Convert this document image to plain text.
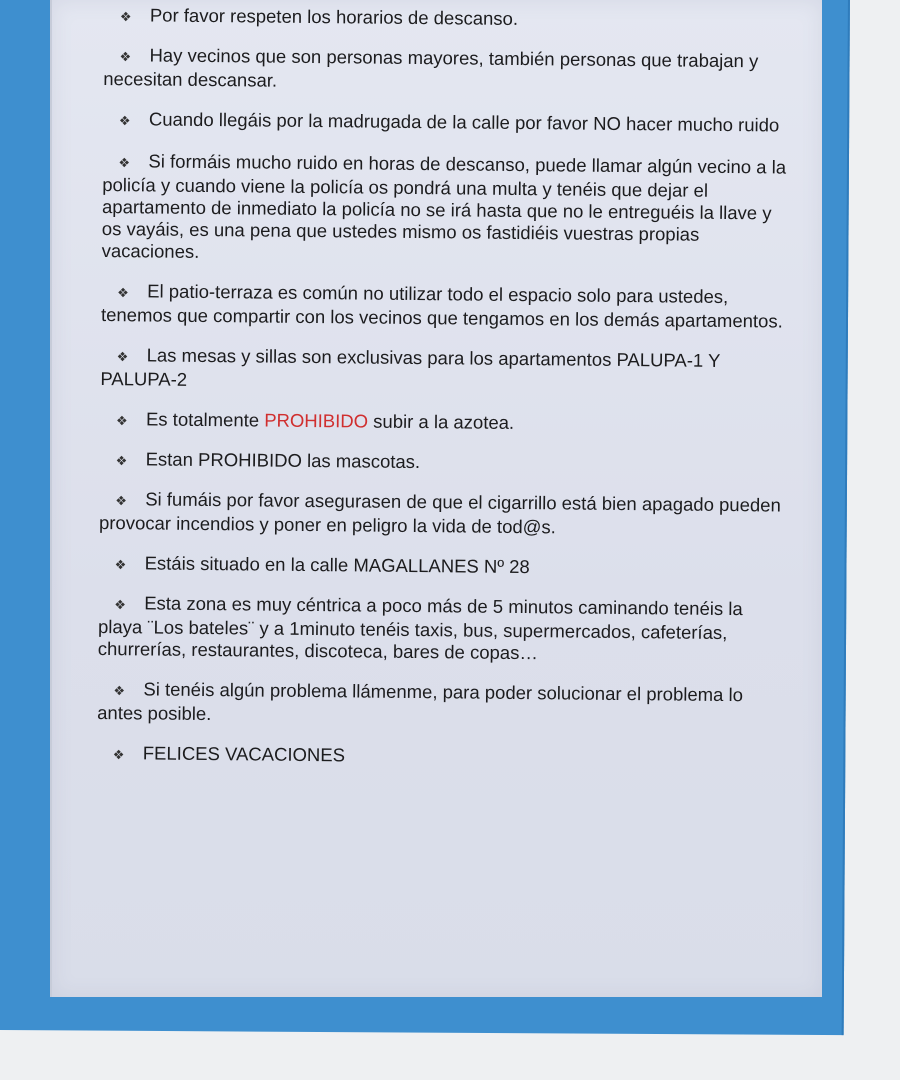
❖ Por favor respeten los horarios de descanso.
❖ Hay vecinos que son personas mayores, también personas que trabajan y necesitan descansar.
❖ Cuando llegáis por la madrugada de la calle por favor NO hacer mucho ruido
❖ Si formáis mucho ruido en horas de descanso, puede llamar algún vecino a la policía y cuando viene la policía os pondrá una multa y tenéis que dejar el apartamento de inmediato la policía no se irá hasta que no le entreguéis la llave y os vayáis, es una pena que ustedes mismo os fastidiéis vuestras propias vacaciones.
❖ El patio-terraza es común no utilizar todo el espacio solo para ustedes, tenemos que compartir con los vecinos que tengamos en los demás apartamentos.
❖ Las mesas y sillas son exclusivas para los apartamentos PALUPA-1 Y PALUPA-2
❖ Es totalmente PROHIBIDO subir a la azotea.
❖ Estan PROHIBIDO las mascotas.
❖ Si fumáis por favor asegurasen de que el cigarrillo está bien apagado pueden provocar incendios y poner en peligro la vida de tod@s.
❖ Estáis situado en la calle MAGALLANES Nº 28
❖ Esta zona es muy céntrica a poco más de 5 minutos caminando tenéis la playa ¨Los bateles¨ y a 1minuto tenéis taxis, bus, supermercados, cafeterías, churrerías, restaurantes, discoteca, bares de copas…
❖ Si tenéis algún problema llámenme, para poder solucionar el problema lo antes posible.
❖ FELICES VACACIONES
